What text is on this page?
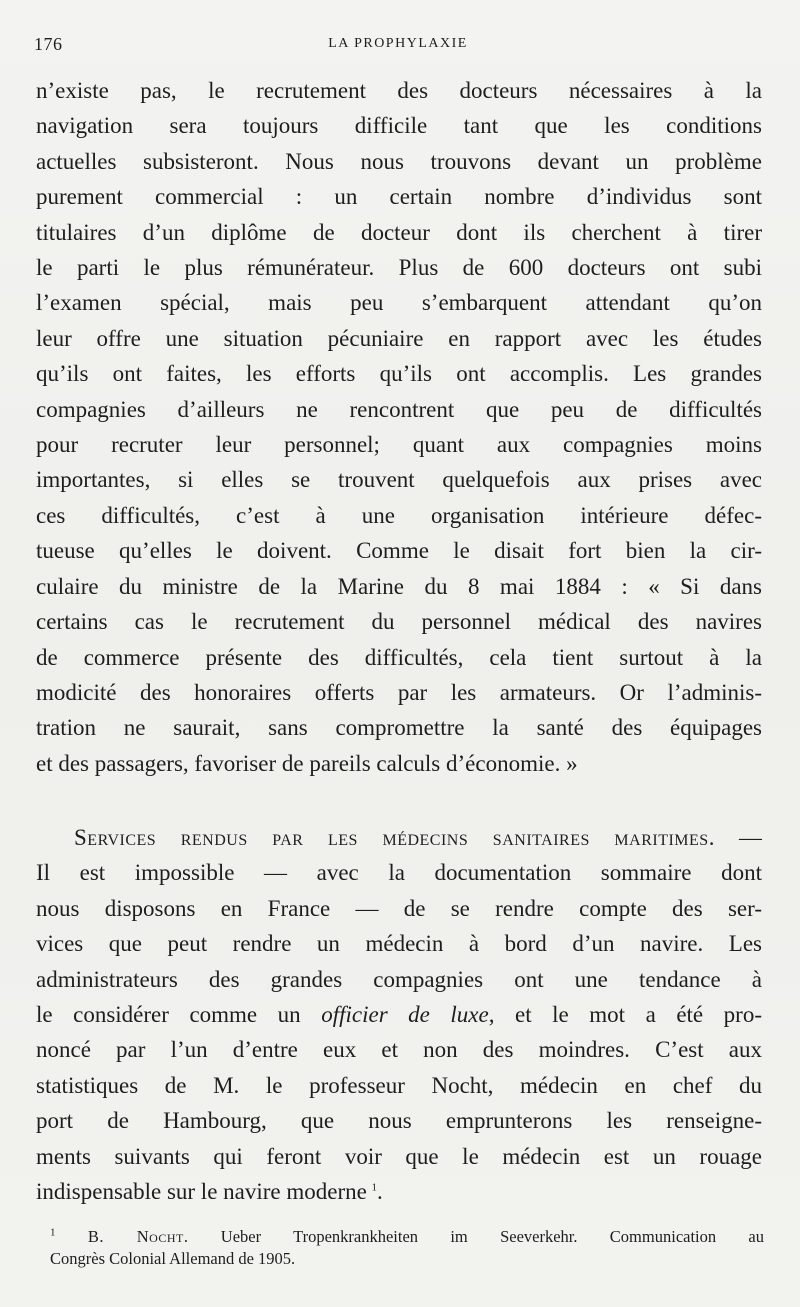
176	LA PROPHYLAXIE
n’existe pas, le recrutement des docteurs nécessaires à la
navigation sera toujours difficile tant que les conditions
actuelles subsisteront. Nous nous trouvons devant un problème
purement commercial : un certain nombre d’individus sont
titulaires d’un diplôme de docteur dont ils cherchent à tirer
le parti le plus rémunérateur. Plus de 600 docteurs ont subi
l’examen spécial, mais peu s’embarquent attendant qu’on
leur offre une situation pécuniaire en rapport avec les études
qu’ils ont faites, les efforts qu’ils ont accomplis. Les grandes
compagnies d’ailleurs ne rencontrent que peu de difficultés
pour recruter leur personnel; quant aux compagnies moins
importantes, si elles se trouvent quelquefois aux prises avec
ces difficultés, c’est à une organisation intérieure défec-
tueuse qu’elles le doivent. Comme le disait fort bien la cir-
culaire du ministre de la Marine du 8 mai 1884 : « Si dans
certains cas le recrutement du personnel médical des navires
de commerce présente des difficultés, cela tient surtout à la
modicité des honoraires offerts par les armateurs. Or l’adminis-
tration ne saurait, sans compromettre la santé des équipages
et des passagers, favoriser de pareils calculs d’économie. »
Services rendus par les médecins sanitaires maritimes. —
Il est impossible — avec la documentation sommaire dont
nous disposons en France — de se rendre compte des ser-
vices que peut rendre un médecin à bord d’un navire. Les
administrateurs des grandes compagnies ont une tendance à
le considérer comme un officier de luxe, et le mot a été pro-
noncé par l’un d’entre eux et non des moindres. C’est aux
statistiques de M. le professeur Nocht, médecin en chef du
port de Hambourg, que nous emprunterons les renseigne-
ments suivants qui feront voir que le médecin est un rouage
indispensable sur le navire moderne  $^1$.
$^1$ B. Nocht. Ueber Tropenkrankheiten im Seeverkehr. Communication au
Congrès Colonial Allemand de 1905.
